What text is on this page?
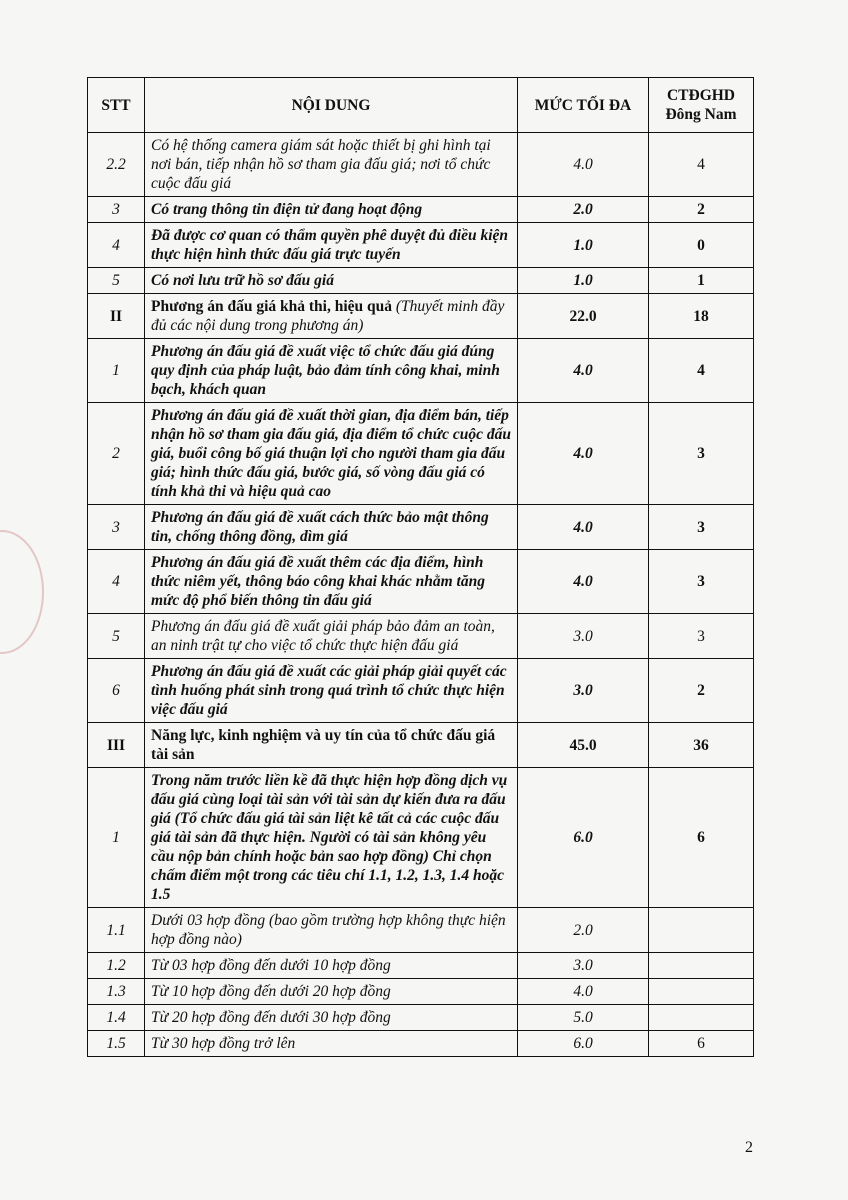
STT	NỘI DUNG	MỨC TỐI ĐA	CTĐGHD Đông Nam
2.2	Có hệ thống camera giám sát hoặc thiết bị ghi hình tại nơi bán, tiếp nhận hồ sơ tham gia đấu giá; nơi tổ chức cuộc đấu giá	4.0	4
3	Có trang thông tin điện tử đang hoạt động	2.0	2
4	Đã được cơ quan có thẩm quyền phê duyệt đủ điều kiện thực hiện hình thức đấu giá trực tuyến	1.0	0
5	Có nơi lưu trữ hồ sơ đấu giá	1.0	1
II	Phương án đấu giá khả thi, hiệu quả (Thuyết minh đầy đủ các nội dung trong phương án)	22.0	18
1	Phương án đấu giá đề xuất việc tổ chức đấu giá đúng quy định của pháp luật, bảo đảm tính công khai, minh bạch, khách quan	4.0	4
2	Phương án đấu giá đề xuất thời gian, địa điểm bán, tiếp nhận hồ sơ tham gia đấu giá, địa điểm tổ chức cuộc đấu giá, buổi công bố giá thuận lợi cho người tham gia đấu giá; hình thức đấu giá, bước giá, số vòng đấu giá có tính khả thi và hiệu quả cao	4.0	3
3	Phương án đấu giá đề xuất cách thức bảo mật thông tin, chống thông đồng, dìm giá	4.0	3
4	Phương án đấu giá đề xuất thêm các địa điểm, hình thức niêm yết, thông báo công khai khác nhằm tăng mức độ phổ biến thông tin đấu giá	4.0	3
5	Phương án đấu giá đề xuất giải pháp bảo đảm an toàn, an ninh trật tự cho việc tổ chức thực hiện đấu giá	3.0	3
6	Phương án đấu giá đề xuất các giải pháp giải quyết các tình huống phát sinh trong quá trình tổ chức thực hiện việc đấu giá	3.0	2
III	Năng lực, kinh nghiệm và uy tín của tổ chức đấu giá tài sản	45.0	36
1	Trong năm trước liền kề đã thực hiện hợp đồng dịch vụ đấu giá cùng loại tài sản với tài sản dự kiến đưa ra đấu giá (Tổ chức đấu giá tài sản liệt kê tất cả các cuộc đấu giá tài sản đã thực hiện. Người có tài sản không yêu cầu nộp bản chính hoặc bản sao hợp đồng) Chỉ chọn chấm điểm một trong các tiêu chí 1.1, 1.2, 1.3, 1.4 hoặc 1.5	6.0	6
1.1	Dưới 03 hợp đồng (bao gồm trường hợp không thực hiện hợp đồng nào)	2.0	
1.2	Từ 03 hợp đồng đến dưới 10 hợp đồng	3.0	
1.3	Từ 10 hợp đồng đến dưới 20 hợp đồng	4.0	
1.4	Từ 20 hợp đồng đến dưới 30 hợp đồng	5.0	
1.5	Từ 30 hợp đồng trở lên	6.0	6
2
